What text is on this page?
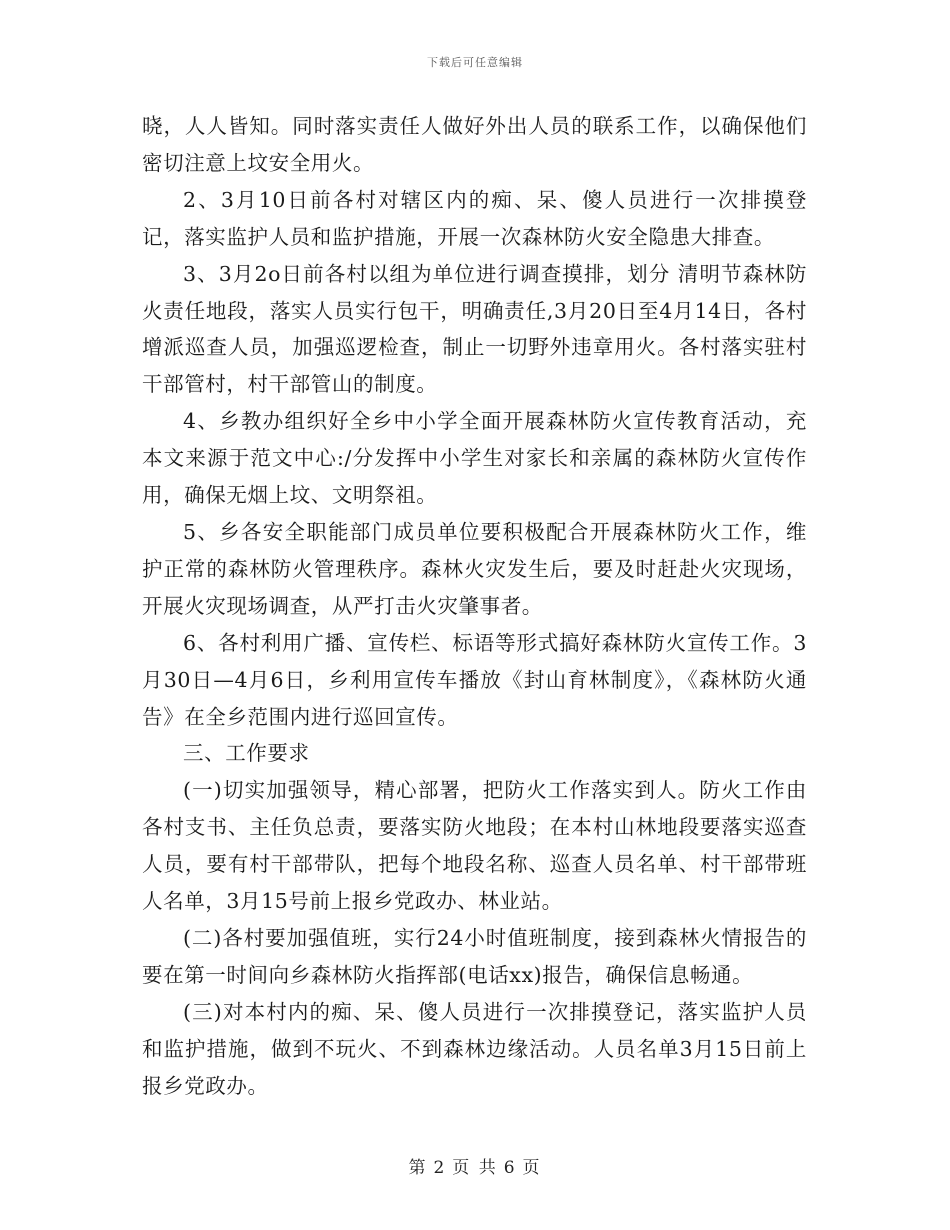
下载后可任意编辑

晓，人人皆知。同时落实责任人做好外出人员的联系工作，以确保他们密切注意上坟安全用火。

2、3月10日前各村对辖区内的痴、呆、傻人员进行一次排摸登记，落实监护人员和监护措施，开展一次森林防火安全隐患大排查。

3、3月2o日前各村以组为单位进行调查摸排，划分 清明节森林防火责任地段，落实人员实行包干，明确责任,3月20日至4月14日，各村增派巡查人员，加强巡逻检查，制止一切野外违章用火。各村落实驻村干部管村，村干部管山的制度。

4、乡教办组织好全乡中小学全面开展森林防火宣传教育活动，充本文来源于范文中心:/分发挥中小学生对家长和亲属的森林防火宣传作用，确保无烟上坟、文明祭祖。

5、乡各安全职能部门成员单位要积极配合开展森林防火工作，维护正常的森林防火管理秩序。森林火灾发生后，要及时赶赴火灾现场，开展火灾现场调查，从严打击火灾肇事者。

6、各村利用广播、宣传栏、标语等形式搞好森林防火宣传工作。3月30日—4月6日，乡利用宣传车播放《封山育林制度》，《森林防火通告》在全乡范围内进行巡回宣传。

三、工作要求

(一)切实加强领导，精心部署，把防火工作落实到人。防火工作由各村支书、主任负总责，要落实防火地段；在本村山林地段要落实巡查人员，要有村干部带队，把每个地段名称、巡查人员名单、村干部带班人名单，3月15号前上报乡党政办、林业站。

(二)各村要加强值班，实行24小时值班制度，接到森林火情报告的要在第一时间向乡森林防火指挥部(电话xx)报告，确保信息畅通。

(三)对本村内的痴、呆、傻人员进行一次排摸登记，落实监护人员和监护措施，做到不玩火、不到森林边缘活动。人员名单3月15日前上报乡党政办。

第 2 页 共 6 页
